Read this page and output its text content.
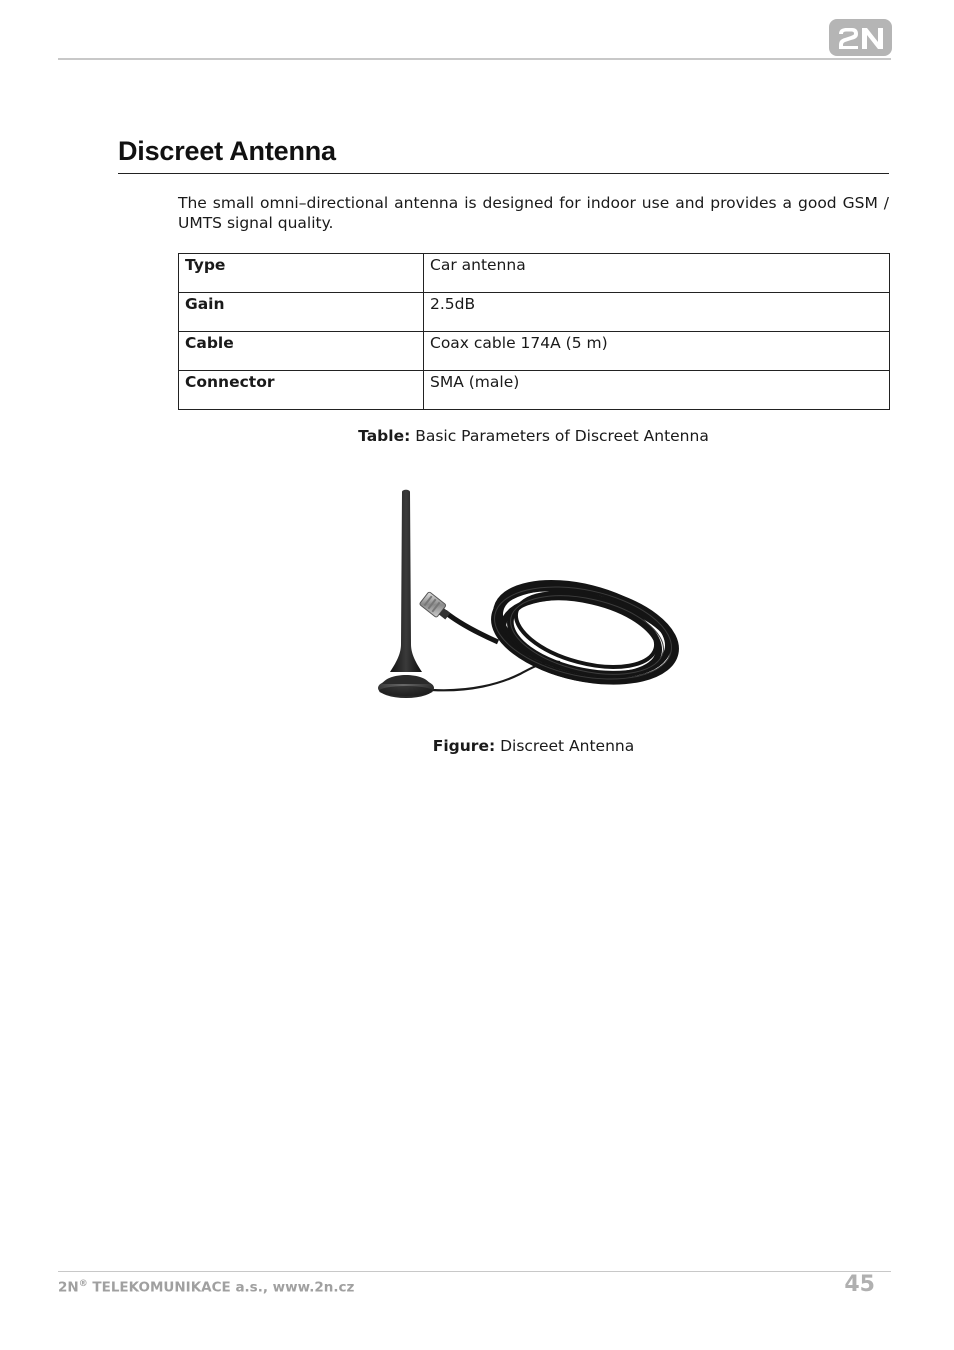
Discreet Antenna

The small omni–directional antenna is designed for indoor use and provides a good GSM / UMTS signal quality.

Type	Car antenna
Gain	2.5dB
Cable	Coax cable 174A (5 m)
Connector	SMA (male)
Table: Basic Parameters of Discreet Antenna
Figure: Discreet Antenna
2N® TELEKOMUNIKACE a.s., www.2n.cz	45
